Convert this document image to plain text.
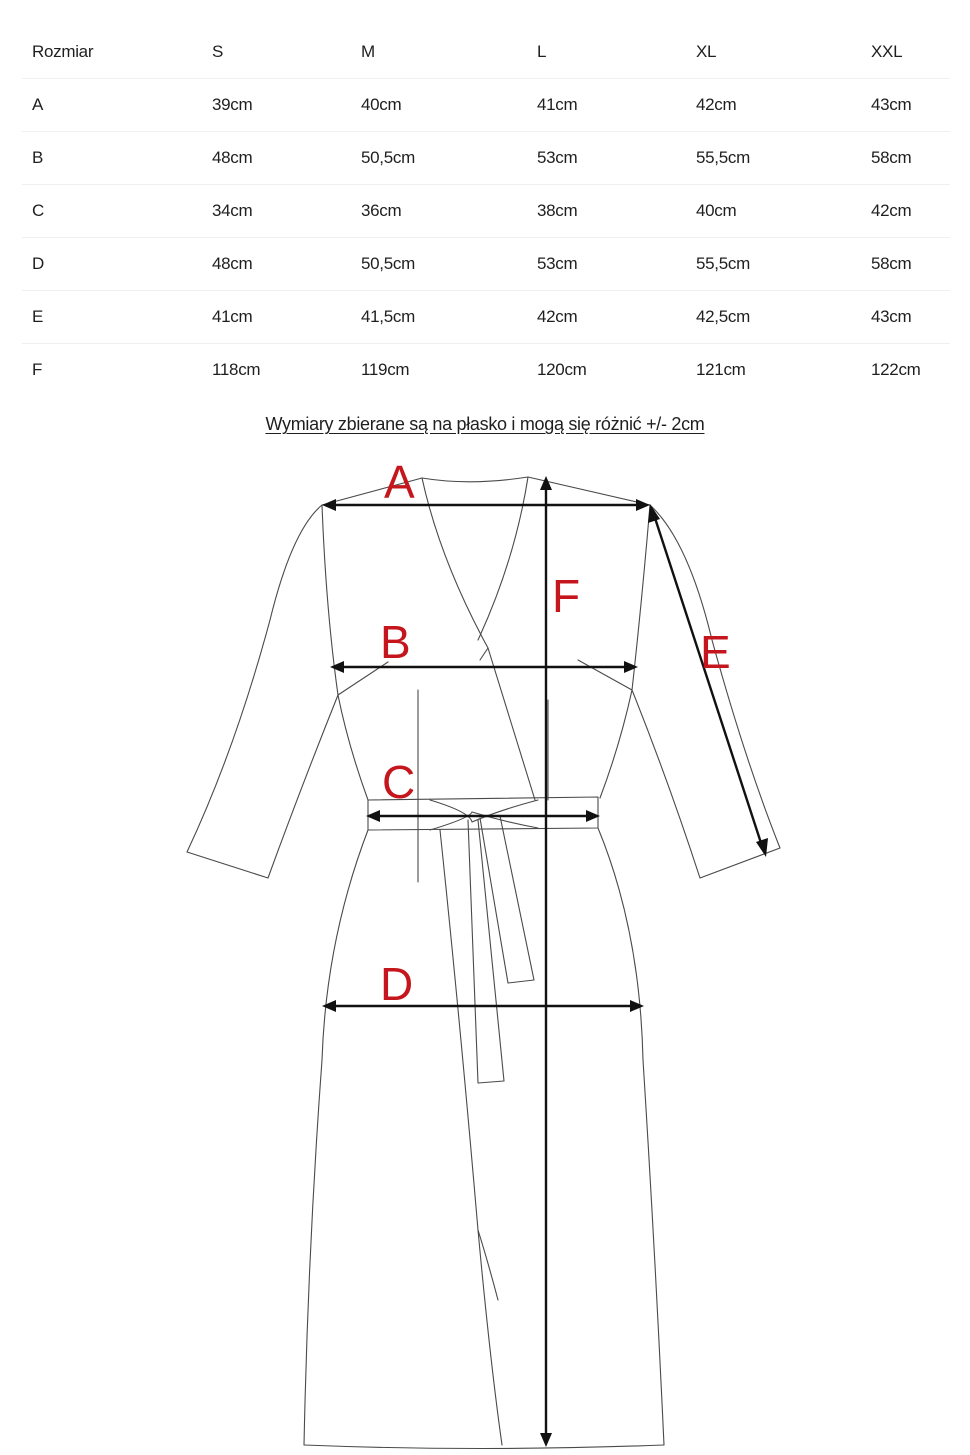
Rozmiar	S	M	L	XL	XXL
A	39cm	40cm	41cm	42cm	43cm
B	48cm	50,5cm	53cm	55,5cm	58cm
C	34cm	36cm	38cm	40cm	42cm
D	48cm	50,5cm	53cm	55,5cm	58cm
E	41cm	41,5cm	42cm	42,5cm	43cm
F	118cm	119cm	120cm	121cm	122cm
Wymiary zbierane są na płasko i mogą się różnić +/- 2cm
A
B
C
D
E
F
